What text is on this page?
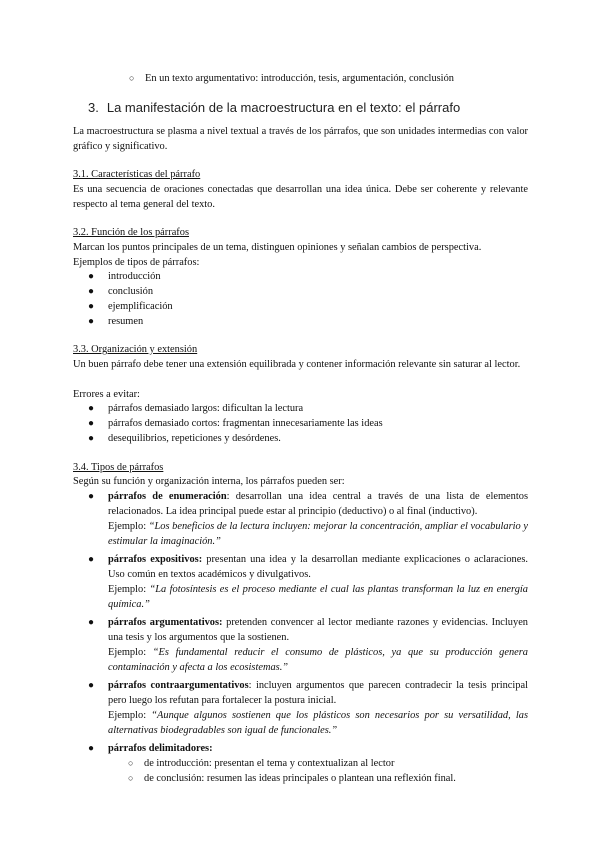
○ En un texto argumentativo: introducción, tesis, argumentación, conclusión
3. La manifestación de la macroestructura en el texto: el párrafo
La macroestructura se plasma a nivel textual a través de los párrafos, que son unidades intermedias con valor gráfico y significativo.
3.1. Características del párrafo
Es una secuencia de oraciones conectadas que desarrollan una idea única. Debe ser coherente y relevante respecto al tema general del texto.
3.2. Función de los párrafos
Marcan los puntos principales de un tema, distinguen opiniones y señalan cambios de perspectiva.
Ejemplos de tipos de párrafos:
● introducción
● conclusión
● ejemplificación
● resumen
3.3. Organización y extensión
Un buen párrafo debe tener una extensión equilibrada y contener información relevante sin saturar al lector.
Errores a evitar:
● párrafos demasiado largos: dificultan la lectura
● párrafos demasiado cortos: fragmentan innecesariamente las ideas
● desequilibrios, repeticiones y desórdenes.
3.4. Tipos de párrafos
Según su función y organización interna, los párrafos pueden ser:
● párrafos de enumeración: desarrollan una idea central a través de una lista de elementos relacionados. La idea principal puede estar al principio (deductivo) o al final (inductivo).
Ejemplo: “Los beneficios de la lectura incluyen: mejorar la concentración, ampliar el vocabulario y estimular la imaginación.”
● párrafos expositivos: presentan una idea y la desarrollan mediante explicaciones o aclaraciones. Uso común en textos académicos y divulgativos.
Ejemplo: “La fotosíntesis es el proceso mediante el cual las plantas transforman la luz en energía química.”
● párrafos argumentativos: pretenden convencer al lector mediante razones y evidencias. Incluyen una tesis y los argumentos que la sostienen.
Ejemplo: “Es fundamental reducir el consumo de plásticos, ya que su producción genera contaminación y afecta a los ecosistemas.”
● párrafos contraargumentativos: incluyen argumentos que parecen contradecir la tesis principal pero luego los refutan para fortalecer la postura inicial.
Ejemplo: “Aunque algunos sostienen que los plásticos son necesarios por su versatilidad, las alternativas biodegradables son igual de funcionales.”
● párrafos delimitadores:
○ de introducción: presentan el tema y contextualizan al lector
○ de conclusión: resumen las ideas principales o plantean una reflexión final.
